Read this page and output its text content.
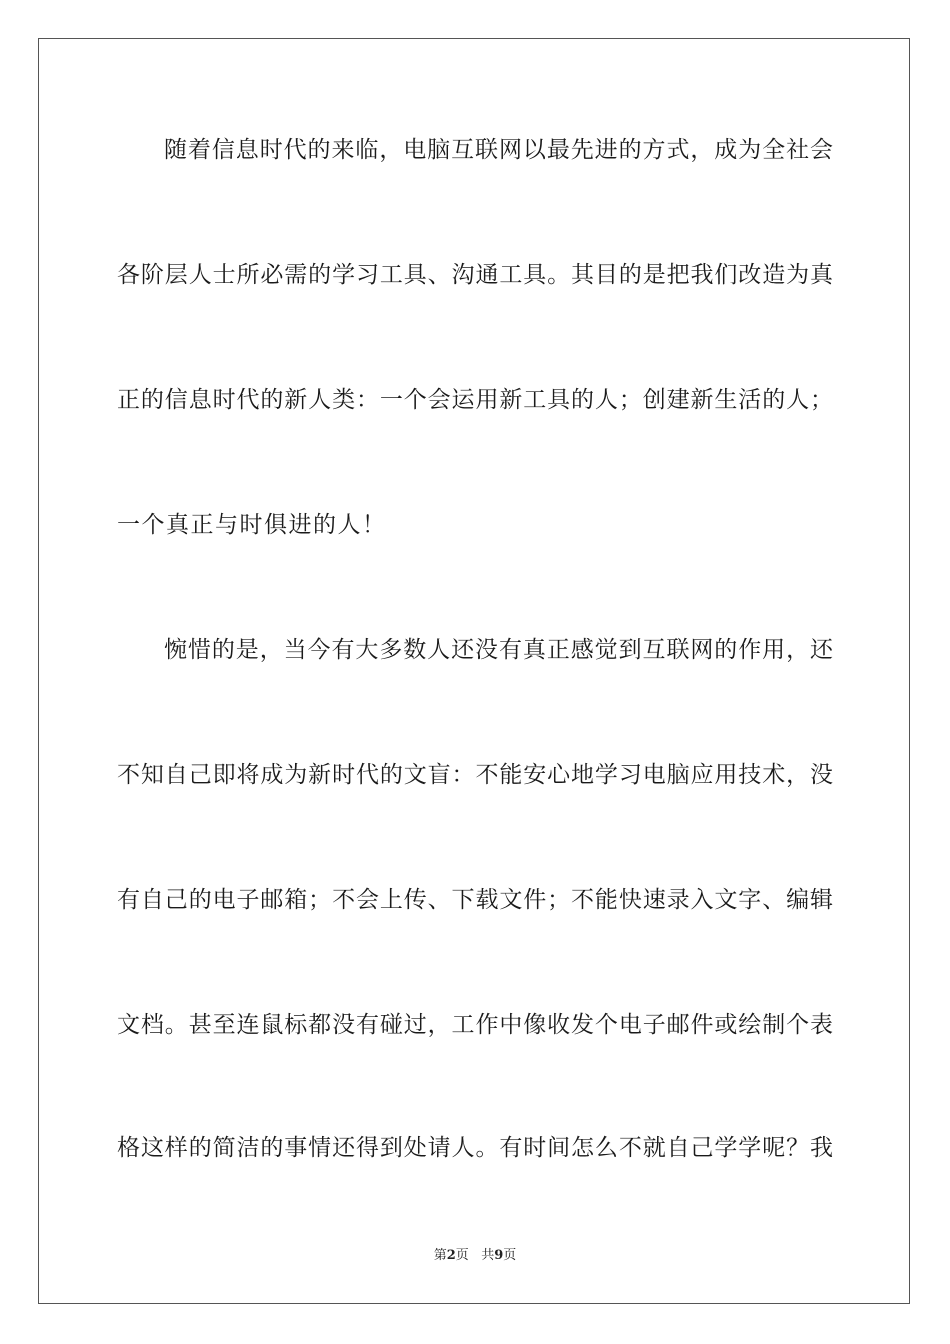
随着信息时代的来临，电脑互联网以最先进的方式，成为全社会
各阶层人士所必需的学习工具、沟通工具。其目的是把我们改造为真
正的信息时代的新人类：一个会运用新工具的人；创建新生活的人；
一个真正与时俱进的人！
惋惜的是，当今有大多数人还没有真正感觉到互联网的作用，还
不知自己即将成为新时代的文盲：不能安心地学习电脑应用技术，没
有自己的电子邮箱；不会上传、下载文件；不能快速录入文字、编辑
文档。甚至连鼠标都没有碰过，工作中像收发个电子邮件或绘制个表
格这样的简洁的事情还得到处请人。有时间怎么不就自己学学呢？我
第2页 共9页
